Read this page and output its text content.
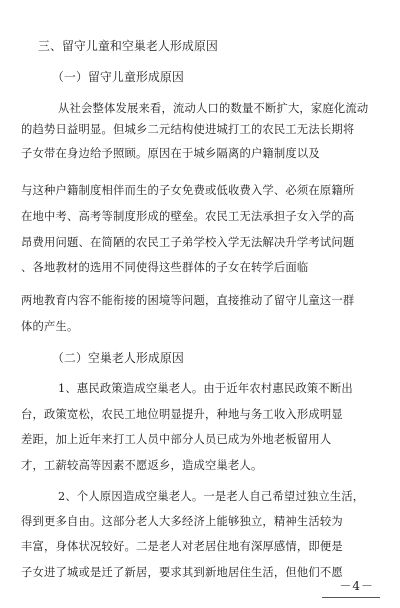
三、留守儿童和空巢老人形成原因
（一）留守儿童形成原因
从社会整体发展来看，流动人口的数量不断扩大，家庭化流动
的趋势日益明显。但城乡二元结构使进城打工的农民工无法长期将
子女带在身边给予照顾。原因在于城乡隔离的户籍制度以及
与这种户籍制度相伴而生的子女免费或低收费入学、必须在原籍所
在地中考、高考等制度形成的壁垒。农民工无法承担子女入学的高
昂费用问题、在简陋的农民工子弟学校入学无法解决升学考试问题
、各地教材的选用不同使得这些群体的子女在转学后面临
两地教育内容不能衔接的困境等问题，直接推动了留守儿童这一群
体的产生。
（二）空巢老人形成原因
1、惠民政策造成空巢老人。由于近年农村惠民政策不断出
台，政策宽松，农民工地位明显提升，种地与务工收入形成明显
差距，加上近年来打工人员中部分人员已成为外地老板留用人
才，工薪较高等因素不愿返乡，造成空巢老人。
2、个人原因造成空巢老人。一是老人自己希望过独立生活，
得到更多自由。这部分老人大多经济上能够独立，精神生活较为
丰富，身体状况较好。二是老人对老居住地有深厚感情，即便是
子女进了城或是迁了新居，要求其到新地居住生活，但他们不愿
－4－
